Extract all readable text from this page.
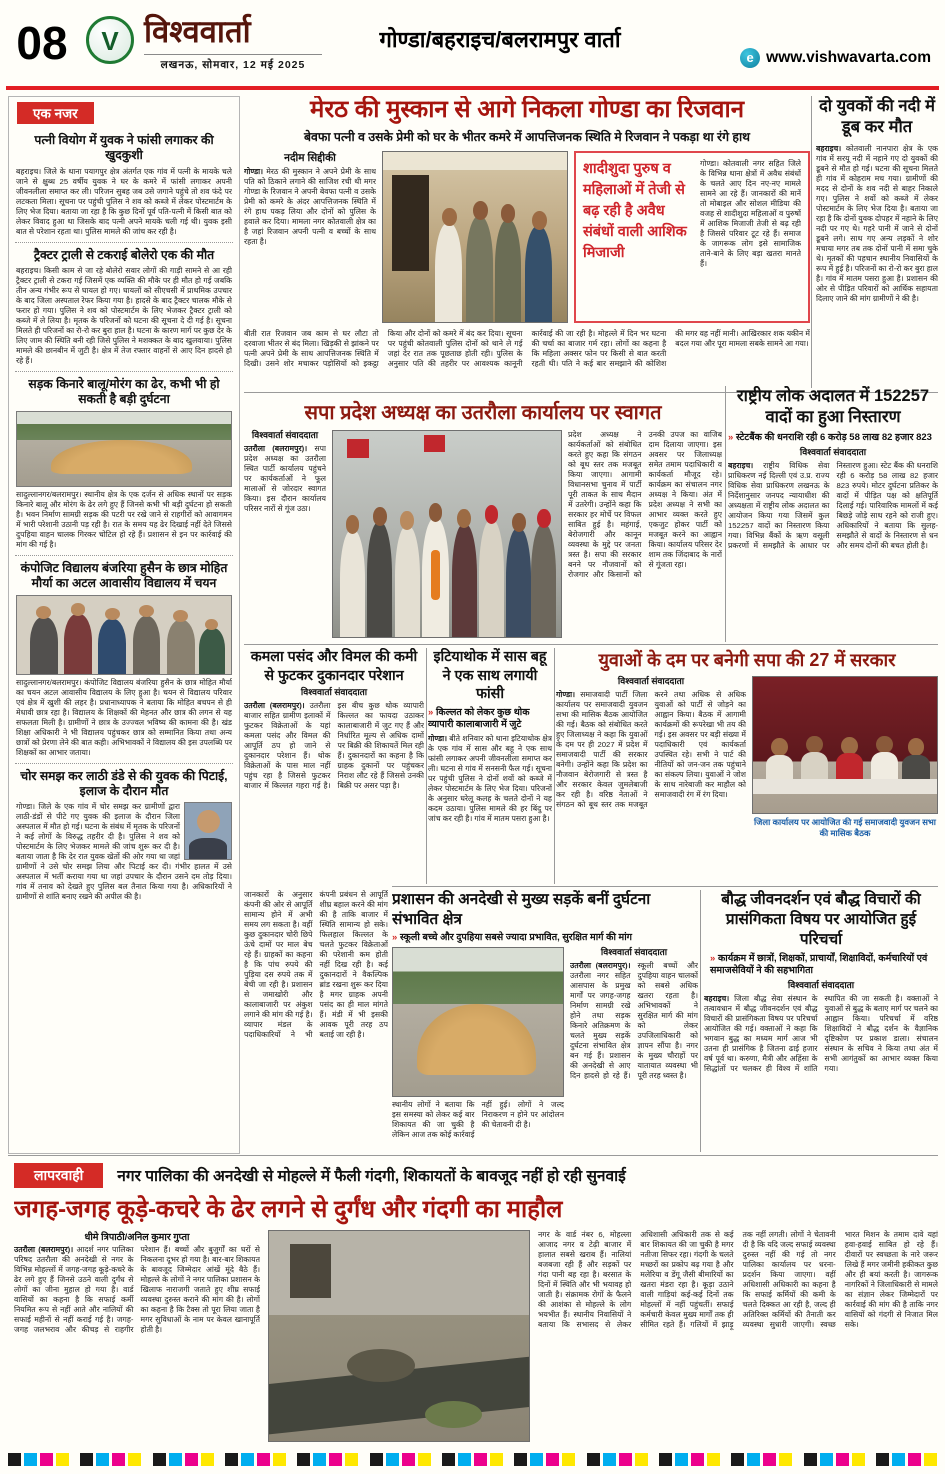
08	V विश्ववार्ता
लखनऊ, सोमवार, 12 मई 2025
गोण्डा/बहराइच/बलरामपुर वार्ता
e www.vishwavarta.com
एक नजर
पत्नी वियोग में युवक ने फांसी लगाकर की खुदकुशी
बहराइच। जिले के थाना पयागपुर क्षेत्र अंतर्गत एक गांव में पत्नी के मायके चले जाने से क्षुब्ध 25 वर्षीय युवक ने घर के कमरे में फांसी लगाकर अपनी जीवनलीला समाप्त कर ली। परिजन सुबह जब उसे जगाने पहुंचे तो शव फंदे पर लटकता मिला। सूचना पर पहुंची पुलिस ने शव को कब्जे में लेकर पोस्टमार्टम के लिए भेज दिया। बताया जा रहा है कि कुछ दिनों पूर्व पति-पत्नी में किसी बात को लेकर विवाद हुआ था जिसके बाद पत्नी अपने मायके चली गई थी। युवक इसी बात से परेशान रहता था। पुलिस मामले की जांच कर रही है।
ट्रैक्टर ट्राली से टकराई बोलेरो एक की मौत
बहराइच। किसी काम से जा रहे बोलेरो सवार लोगों की गाड़ी सामने से आ रही ट्रैक्टर ट्राली से टकरा गई जिसमें एक व्यक्ति की मौके पर ही मौत हो गई जबकि तीन अन्य गंभीर रूप से घायल हो गए। घायलों को सीएचसी में प्राथमिक उपचार के बाद जिला अस्पताल रेफर किया गया है। हादसे के बाद ट्रैक्टर चालक मौके से फरार हो गया। पुलिस ने शव को पोस्टमार्टम के लिए भेजकर ट्रैक्टर ट्राली को कब्जे में ले लिया है। मृतक के परिजनों को घटना की सूचना दे दी गई है। सूचना मिलते ही परिजनों का रो-रो कर बुरा हाल है। घटना के कारण मार्ग पर कुछ देर के लिए जाम की स्थिति बनी रही जिसे पुलिस ने मशक्कत के बाद खुलवाया। पुलिस मामले की छानबीन में जुटी है। क्षेत्र में तेज रफ्तार वाहनों से आए दिन हादसे हो रहे हैं।
सड़क किनारे बालू/मोरंग का ढेर, कभी भी हो सकती है बड़ी दुर्घटना
सादुल्लानगर/बलरामपुर। स्थानीय क्षेत्र के एक दर्जन से अधिक स्थानों पर सड़क किनारे बालू और मोरंग के ढेर लगे हुए हैं जिनसे कभी भी बड़ी दुर्घटना हो सकती है। भवन निर्माण सामग्री सड़क की पटरी पर रखे जाने से राहगीरों को आवागमन में भारी परेशानी उठानी पड़ रही है। रात के समय यह ढेर दिखाई नहीं देते जिससे दुपहिया वाहन चालक गिरकर चोटिल हो रहे हैं। प्रशासन से इन पर कार्रवाई की मांग की गई है।
कंपोजिट विद्यालय बंजरिया हुसैन के छात्र मोहित मौर्या का अटल आवासीय विद्यालय में चयन
सादुल्लानगर/बलरामपुर। कंपोजिट विद्यालय बंजरिया हुसैन के छात्र मोहित मौर्या का चयन अटल आवासीय विद्यालय के लिए हुआ है। चयन से विद्यालय परिवार एवं क्षेत्र में खुशी की लहर है। प्रधानाध्यापक ने बताया कि मोहित बचपन से ही मेधावी छात्र रहा है। विद्यालय के शिक्षकों की मेहनत और छात्र की लगन से यह सफलता मिली है। ग्रामीणों ने छात्र के उज्ज्वल भविष्य की कामना की है। खंड शिक्षा अधिकारी ने भी विद्यालय पहुंचकर छात्र को सम्मानित किया तथा अन्य छात्रों को प्रेरणा लेने की बात कही। अभिभावकों ने विद्यालय की इस उपलब्धि पर शिक्षकों का आभार जताया।
चोर समझ कर लाठी डंडे से की युवक की पिटाई, इलाज के दौरान मौत
गोण्डा। जिले के एक गांव में चोर समझ कर ग्रामीणों द्वारा लाठी-डंडों से पीटे गए युवक की इलाज के दौरान जिला अस्पताल में मौत हो गई। घटना के संबंध में मृतक के परिजनों ने कई लोगों के विरुद्ध तहरीर दी है। पुलिस ने शव को पोस्टमार्टम के लिए भेजकर मामले की जांच शुरू कर दी है। बताया जाता है कि देर रात युवक खेतों की ओर गया था जहां ग्रामीणों ने उसे चोर समझ लिया और पिटाई कर दी। गंभीर हालत में उसे अस्पताल में भर्ती कराया गया था जहां उपचार के दौरान उसने दम तोड़ दिया। गांव में तनाव को देखते हुए पुलिस बल तैनात किया गया है। अधिकारियों ने ग्रामीणों से शांति बनाए रखने की अपील की है।
मेरठ की मुस्कान से आगे निकला गोण्डा का रिजवान
बेवफा पत्नी व उसके प्रेमी को घर के भीतर कमरे में आपत्तिजनक स्थिति मे रिजवान ने पकड़ा था रंगे हाथ
नदीम सिद्दीकी
गोण्डा। मेरठ की मुस्कान ने अपने प्रेमी के साथ पति को ठिकाने लगाने की साजिश रची थी मगर गोण्डा के रिजवान ने अपनी बेवफा पत्नी व उसके प्रेमी को कमरे के अंदर आपत्तिजनक स्थिति में रंगे हाथ पकड़ लिया और दोनों को पुलिस के हवाले कर दिया। मामला नगर कोतवाली क्षेत्र का है जहां रिजवान अपनी पत्नी व बच्चों के साथ रहता है।
शादीशुदा पुरुष व महिलाओं में तेजी से बढ़ रही है अवैध संबंधों वाली आशिक मिजाजी
गोण्डा। कोतवाली नगर सहित जिले के विभिन्न थाना क्षेत्रों में अवैध संबंधों के चलते आए दिन नए-नए मामले सामने आ रहे हैं। जानकारों की मानें तो मोबाइल और सोशल मीडिया की वजह से शादीशुदा महिलाओं व पुरुषों में आशिक मिजाजी तेजी से बढ़ रही है जिससे परिवार टूट रहे हैं। समाज के जागरूक लोग इसे सामाजिक ताने-बाने के लिए बड़ा खतरा मानते हैं।
बीती रात रिजवान जब काम से घर लौटा तो दरवाजा भीतर से बंद मिला। खिड़की से झांकने पर पत्नी अपने प्रेमी के साथ आपत्तिजनक स्थिति में दिखी। उसने शोर मचाकर पड़ोसियों को इकट्ठा किया और दोनों को कमरे में बंद कर दिया। सूचना पर पहुंची कोतवाली पुलिस दोनों को थाने ले गई जहां देर रात तक पूछताछ होती रही। पुलिस के अनुसार पति की तहरीर पर आवश्यक कानूनी कार्रवाई की जा रही है। मोहल्ले में दिन भर घटना की चर्चा का बाजार गर्म रहा। लोगों का कहना है कि महिला अक्सर फोन पर किसी से बात करती रहती थी। पति ने कई बार समझाने की कोशिश की मगर वह नहीं मानी। आखिरकार शक यकीन में बदल गया और पूरा मामला सबके सामने आ गया।
दो युवकों की नदी में डूब कर मौत
बहराइच। कोतवाली नानपारा क्षेत्र के एक गांव में सरयू नदी में नहाने गए दो युवकों की डूबने से मौत हो गई। घटना की सूचना मिलते ही गांव में कोहराम मच गया। ग्रामीणों की मदद से दोनों के शव नदी से बाहर निकाले गए। पुलिस ने शवों को कब्जे में लेकर पोस्टमार्टम के लिए भेज दिया है। बताया जा रहा है कि दोनों युवक दोपहर में नहाने के लिए नदी पर गए थे। गहरे पानी में जाने से दोनों डूबने लगे। साथ गए अन्य लड़कों ने शोर मचाया मगर तब तक दोनों पानी में समा चुके थे। मृतकों की पहचान स्थानीय निवासियों के रूप में हुई है। परिजनों का रो-रो कर बुरा हाल है। गांव में मातम पसरा हुआ है। प्रशासन की ओर से पीड़ित परिवारों को आर्थिक सहायता दिलाए जाने की मांग ग्रामीणों ने की है।
सपा प्रदेश अध्यक्ष का उतरौला कार्यालय पर स्वागत
विश्ववार्ता संवाददाता
उतरौला (बलरामपुर)। सपा प्रदेश अध्यक्ष का उतरौला स्थित पार्टी कार्यालय पहुंचने पर कार्यकर्ताओं ने फूल मालाओं से जोरदार स्वागत किया। इस दौरान कार्यालय परिसर नारों से गूंज उठा।
प्रदेश अध्यक्ष ने कार्यकर्ताओं को संबोधित करते हुए कहा कि संगठन को बूथ स्तर तक मजबूत किया जाएगा। आगामी विधानसभा चुनाव में पार्टी पूरी ताकत के साथ मैदान में उतरेगी। उन्होंने कहा कि सरकार हर मोर्चे पर विफल साबित हुई है। महंगाई, बेरोजगारी और कानून व्यवस्था के मुद्दे पर जनता त्रस्त है। सपा की सरकार बनने पर नौजवानों को रोजगार और किसानों को उनकी उपज का वाजिब दाम दिलाया जाएगा। इस अवसर पर जिलाध्यक्ष समेत तमाम पदाधिकारी व कार्यकर्ता मौजूद रहे। कार्यक्रम का संचालन नगर अध्यक्ष ने किया। अंत में प्रदेश अध्यक्ष ने सभी का आभार व्यक्त करते हुए एकजुट होकर पार्टी को मजबूत करने का आह्वान किया। कार्यालय परिसर देर शाम तक जिंदाबाद के नारों से गूंजता रहा।
राष्ट्रीय लोक अदालत में 152257 वादों का हुआ निस्तारण
» स्टेटबैंक की धनराशि रही 6 करोड़ 58 लाख 82 हजार 823
विश्ववार्ता संवाददाता
बहराइच। राष्ट्रीय विधिक सेवा प्राधिकरण नई दिल्ली एवं उ.प्र. राज्य विधिक सेवा प्राधिकरण लखनऊ के निर्देशानुसार जनपद न्यायाधीश की अध्यक्षता में राष्ट्रीय लोक अदालत का आयोजन किया गया जिसमें कुल 152257 वादों का निस्तारण किया गया। विभिन्न बैंकों के ऋण वसूली प्रकरणों में समझौते के आधार पर निस्तारण हुआ। स्टेट बैंक की धनराशि रही 6 करोड़ 58 लाख 82 हजार 823 रुपये। मोटर दुर्घटना प्रतिकर के वादों में पीड़ित पक्ष को क्षतिपूर्ति दिलाई गई। पारिवारिक मामलों में कई बिछड़े जोड़े साथ रहने को राजी हुए। अधिकारियों ने बताया कि सुलह-समझौते से वादों के निस्तारण से धन और समय दोनों की बचत होती है।
कमला पसंद और विमल की कमी से फुटकर दुकानदार परेशान
विश्ववार्ता संवाददाता
उतरौला (बलरामपुर)। उतरौला बाजार सहित ग्रामीण इलाकों में फुटकर विक्रेताओं के यहां कमला पसंद और विमल की आपूर्ति ठप हो जाने से दुकानदार परेशान हैं। थोक विक्रेताओं के पास माल नहीं पहुंच रहा है जिससे फुटकर बाजार में किल्लत गहरा गई है। इस बीच कुछ थोक व्यापारी किल्लत का फायदा उठाकर कालाबाजारी में जुट गए हैं और निर्धारित मूल्य से अधिक दामों पर बिक्री की शिकायतें मिल रही हैं। दुकानदारों का कहना है कि ग्राहक दुकानों पर पहुंचकर निराश लौट रहे हैं जिससे उनकी बिक्री पर असर पड़ा है।
जानकारों के अनुसार कंपनी की ओर से आपूर्ति सामान्य होने में अभी समय लग सकता है। वहीं कुछ दुकानदार चोरी छिपे ऊंचे दामों पर माल बेच रहे हैं। ग्राहकों का कहना है कि पांच रुपये की पुड़िया दस रुपये तक में बेची जा रही है। प्रशासन से जमाखोरी और कालाबाजारी पर अंकुश लगाने की मांग की गई है। व्यापार मंडल के पदाधिकारियों ने भी कंपनी प्रबंधन से आपूर्ति शीघ्र बहाल करने की मांग की है ताकि बाजार में स्थिति सामान्य हो सके। फिलहाल किल्लत के चलते फुटकर विक्रेताओं की परेशानी कम होती नहीं दिख रही है। कई दुकानदारों ने वैकल्पिक ब्रांड रखना शुरू कर दिया है मगर ग्राहक अपनी पसंद का ही माल मांगते हैं। मंडी में भी इसकी आवक पूरी तरह ठप बताई जा रही है।
इटियाथोक में सास बहू ने एक साथ लगायी फांसी
» किल्लत को लेकर कुछ थोक व्यापारी कालाबाजारी में जुटे
गोण्डा। बीते शनिवार को थाना इटियाथोक क्षेत्र के एक गांव में सास और बहू ने एक साथ फांसी लगाकर अपनी जीवनलीला समाप्त कर ली। घटना से गांव में सनसनी फैल गई। सूचना पर पहुंची पुलिस ने दोनों शवों को कब्जे में लेकर पोस्टमार्टम के लिए भेज दिया। परिजनों के अनुसार घरेलू कलह के चलते दोनों ने यह कदम उठाया। पुलिस मामले की हर बिंदु पर जांच कर रही है। गांव में मातम पसरा हुआ है।
युवाओं के दम पर बनेगी सपा की 27 में सरकार
विश्ववार्ता संवाददाता
गोण्डा। समाजवादी पार्टी जिला कार्यालय पर समाजवादी युवजन सभा की मासिक बैठक आयोजित की गई। बैठक को संबोधित करते हुए जिलाध्यक्ष ने कहा कि युवाओं के दम पर ही 2027 में प्रदेश में समाजवादी पार्टी की सरकार बनेगी। उन्होंने कहा कि प्रदेश का नौजवान बेरोजगारी से त्रस्त है और सरकार केवल जुमलेबाजी कर रही है। वरिष्ठ नेताओं ने संगठन को बूथ स्तर तक मजबूत करने तथा अधिक से अधिक युवाओं को पार्टी से जोड़ने का आह्वान किया। बैठक में आगामी कार्यक्रमों की रूपरेखा भी तय की गई। इस अवसर पर बड़ी संख्या में पदाधिकारी एवं कार्यकर्ता उपस्थित रहे। सभी ने पार्ट की नीतियों को जन-जन तक पहुंचाने का संकल्प लिया। युवाओं ने जोश के साथ नारेबाजी कर माहौल को समाजवादी रंग में रंग दिया।
जिला कार्यालय पर आयोजित की गई समाजवादी युवजन सभा की मासिक बैठक
प्रशासन की अनदेखी से मुख्य सड़कें बनीं दुर्घटना संभावित क्षेत्र
» स्कूली बच्चे और दुपहिया सबसे ज्यादा प्रभावित, सुरक्षित मार्ग की मांग
स्थानीय लोगों ने बताया कि इस समस्या को लेकर कई बार शिकायत की जा चुकी है लेकिन आज तक कोई कार्रवाई नहीं हुई। लोगों ने जल्द निराकरण न होने पर आंदोलन की चेतावनी दी है।
विश्ववार्ता संवाददाता
उतरौला (बलरामपुर)। उतरौला नगर सहित आसपास के प्रमुख मार्गों पर जगह-जगह निर्माण सामग्री रखे होने तथा सड़क किनारे अतिक्रमण के चलते मुख्य सड़कें दुर्घटना संभावित क्षेत्र बन गई हैं। प्रशासन की अनदेखी से आए दिन हादसे हो रहे हैं। स्कूली बच्चों और दुपहिया वाहन चालकों को सबसे अधिक खतरा रहता है। अभिभावकों ने सुरक्षित मार्ग की मांग को लेकर उपजिलाधिकारी को ज्ञापन सौंपा है। नगर के मुख्य चौराहों पर यातायात व्यवस्था भी पूरी तरह ध्वस्त है।
बौद्ध जीवनदर्शन एवं बौद्ध विचारों की प्रासंगिकता विषय पर आयोजित हुई परिचर्चा
» कार्यक्रम में छात्रों, शिक्षकों, प्राचार्यों, शिक्षाविदों, कर्मचारियों एवं समाजसेवियों ने की सहभागिता
विश्ववार्ता संवाददाता
बहराइच। जिला बौद्ध सेवा संस्थान के तत्वावधान में बौद्ध जीवनदर्शन एवं बौद्ध विचारों की प्रासंगिकता विषय पर परिचर्चा आयोजित की गई। वक्ताओं ने कहा कि भगवान बुद्ध का मध्यम मार्ग आज भी उतना ही प्रासंगिक है जितना ढाई हजार वर्ष पूर्व था। करुणा, मैत्री और अहिंसा के सिद्धांतों पर चलकर ही विश्व में शांति स्थापित की जा सकती है। वक्ताओं ने युवाओं से बुद्ध के बताए मार्ग पर चलने का आह्वान किया। परिचर्चा में वरिष्ठ शिक्षाविदों ने बौद्ध दर्शन के वैज्ञानिक दृष्टिकोण पर प्रकाश डाला। संचालन संस्थान के सचिव ने किया तथा अंत में सभी आगंतुकों का आभार व्यक्त किया गया।
लापरवाही	नगर पालिका की अनदेखी से मोहल्ले में फैली गंदगी, शिकायतों के बावजूद नहीं हो रही सुनवाई
जगह-जगह कूड़े-कचरे के ढेर लगने से दुर्गंध और गंदगी का माहौल
धीमे त्रिपाठी/अनिल कुमार गुप्ता
उतरौला (बलरामपुर)। आदर्श नगर पालिका परिषद उतरौला की अनदेखी से नगर के विभिन्न मोहल्लों में जगह-जगह कूड़े-कचरे के ढेर लगे हुए हैं जिनसे उठने वाली दुर्गंध से लोगों का जीना मुहाल हो गया है। वार्ड वासियों का कहना है कि सफाई कर्मी नियमित रूप से नहीं आते और नालियों की सफाई महीनों से नहीं कराई गई है। जगह-जगह जलभराव और कीचड़ से राहगीर परेशान हैं। बच्चों और बुजुर्गों का घरों से निकलना दूभर हो गया है। बार-बार शिकायत के बावजूद जिम्मेदार आंखें मूंदे बैठे हैं। मोहल्ले के लोगों ने नगर पालिका प्रशासन के खिलाफ नाराजगी जताते हुए शीघ्र सफाई व्यवस्था दुरुस्त कराने की मांग की है। लोगों का कहना है कि टैक्स तो पूरा लिया जाता है मगर सुविधाओं के नाम पर केवल खानापूर्ति होती है।
नगर के वार्ड नंबर 6, मोहल्ला आजाद नगर व टेढ़ी बाजार में हालात सबसे खराब हैं। नालियां बजबजा रही हैं और सड़कों पर गंदा पानी बह रहा है। बरसात के दिनों में स्थिति और भी भयावह हो जाती है। संक्रामक रोगों के फैलने की आशंका से मोहल्ले के लोग भयभीत हैं। स्थानीय निवासियों ने बताया कि सभासद से लेकर अधिशासी अधिकारी तक से कई बार शिकायत की जा चुकी है मगर नतीजा सिफर रहा। गंदगी के चलते मच्छरों का प्रकोप बढ़ गया है और मलेरिया व डेंगू जैसी बीमारियों का खतरा मंडरा रहा है। कूड़ा उठाने वाली गाड़ियां कई-कई दिनों तक मोहल्लों में नहीं पहुंचतीं। सफाई कर्मचारी केवल मुख्य मार्गों तक ही सीमित रहते हैं। गलियों में झाड़ू तक नहीं लगती। लोगों ने चेतावनी दी है कि यदि जल्द सफाई व्यवस्था दुरुस्त नहीं की गई तो नगर पालिका कार्यालय पर धरना-प्रदर्शन किया जाएगा। वहीं अधिशासी अधिकारी का कहना है कि सफाई कर्मियों की कमी के चलते दिक्कत आ रही है, जल्द ही अतिरिक्त कर्मियों की तैनाती कर व्यवस्था सुधारी जाएगी। स्वच्छ भारत मिशन के तमाम दावे यहां हवा-हवाई साबित हो रहे हैं। दीवारों पर स्वच्छता के नारे जरूर लिखे हैं मगर जमीनी हकीकत कुछ और ही बयां करती है। जागरूक नागरिकों ने जिलाधिकारी से मामले का संज्ञान लेकर जिम्मेदारों पर कार्रवाई की मांग की है ताकि नगर वासियों को गंदगी से निजात मिल सके।
